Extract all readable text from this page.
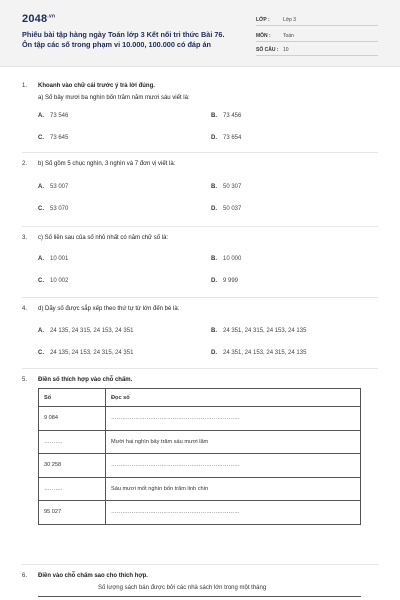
$2048^{.vn}$
Phiếu bài tập hàng ngày Toán lớp 3 Kết nối tri thức Bài 76.
Ôn tập các số trong phạm vi 10.000, 100.000 có đáp án
LỚP :	Lớp 3
MÔN : Toán
SỐ CÂU : 10
1. Khoanh vào chữ cái trước ý trả lời đúng.
a) Số bảy mươi ba nghìn bốn trăm năm mươi sáu viết là:
A. 73 546	B. 73 456
C. 73 645	D. 73 654
2. b) Số gồm 5 chục nghìn, 3 nghìn và 7 đơn vị viết là:
A. 53 007	B. 50 307
C. 53 070	D. 50 037
3. c) Số liền sau của số nhỏ nhất có năm chữ số là:
A. 10 001	B. 10 000
C. 10 002	D. 9 999
4. d) Dãy số được sắp xếp theo thứ tự từ lớn đến bé là:
A. 24 135, 24 315, 24 153, 24 351	B. 24 351, 24 315, 24 153, 24 135
C. 24 135, 24 153, 24 315, 24 351	D. 24 351, 24 153, 24 315, 24 135
5. Điền số thích hợp vào chỗ chấm.
Số	Đọc số
9 084	……………………………………………………………
……….	Mười hai nghìn bảy trăm sáu mươi lăm
30 258	……………………………………………………………
……….	Sáu mươi mốt nghìn bốn trăm linh chín
95 027	……………………………………………………………
6. Điền vào chỗ chấm sao cho thích hợp.
Số lượng sách bán được bởi các nhà sách lớn trong một tháng
